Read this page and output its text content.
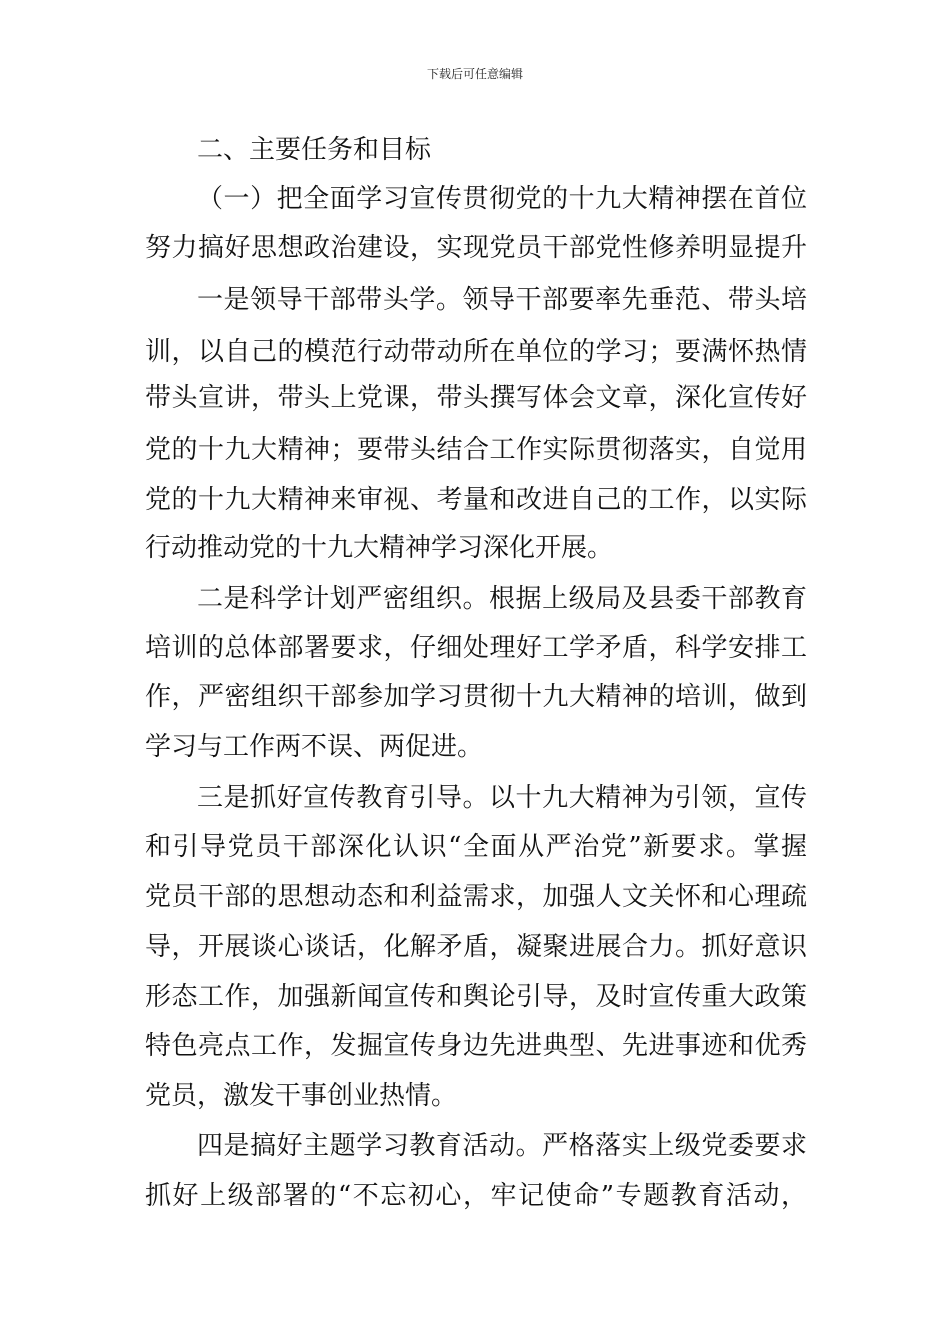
下载后可任意编辑
二、主要任务和目标
（一）把全面学习宣传贯彻党的十九大精神摆在首位
努力搞好思想政治建设，实现党员干部党性修养明显提升
一是领导干部带头学。领导干部要率先垂范、带头培
训，以自己的模范行动带动所在单位的学习；要满怀热情
带头宣讲，带头上党课，带头撰写体会文章，深化宣传好
党的十九大精神；要带头结合工作实际贯彻落实，自觉用
党的十九大精神来审视、考量和改进自己的工作，以实际
行动推动党的十九大精神学习深化开展。
二是科学计划严密组织。根据上级局及县委干部教育
培训的总体部署要求，仔细处理好工学矛盾，科学安排工
作，严密组织干部参加学习贯彻十九大精神的培训，做到
学习与工作两不误、两促进。
三是抓好宣传教育引导。以十九大精神为引领，宣传
和引导党员干部深化认识“全面从严治党”新要求。掌握
党员干部的思想动态和利益需求，加强人文关怀和心理疏
导，开展谈心谈话，化解矛盾，凝聚进展合力。抓好意识
形态工作，加强新闻宣传和舆论引导，及时宣传重大政策
特色亮点工作，发掘宣传身边先进典型、先进事迹和优秀
党员，激发干事创业热情。
四是搞好主题学习教育活动。严格落实上级党委要求
抓好上级部署的“不忘初心，牢记使命”专题教育活动，
